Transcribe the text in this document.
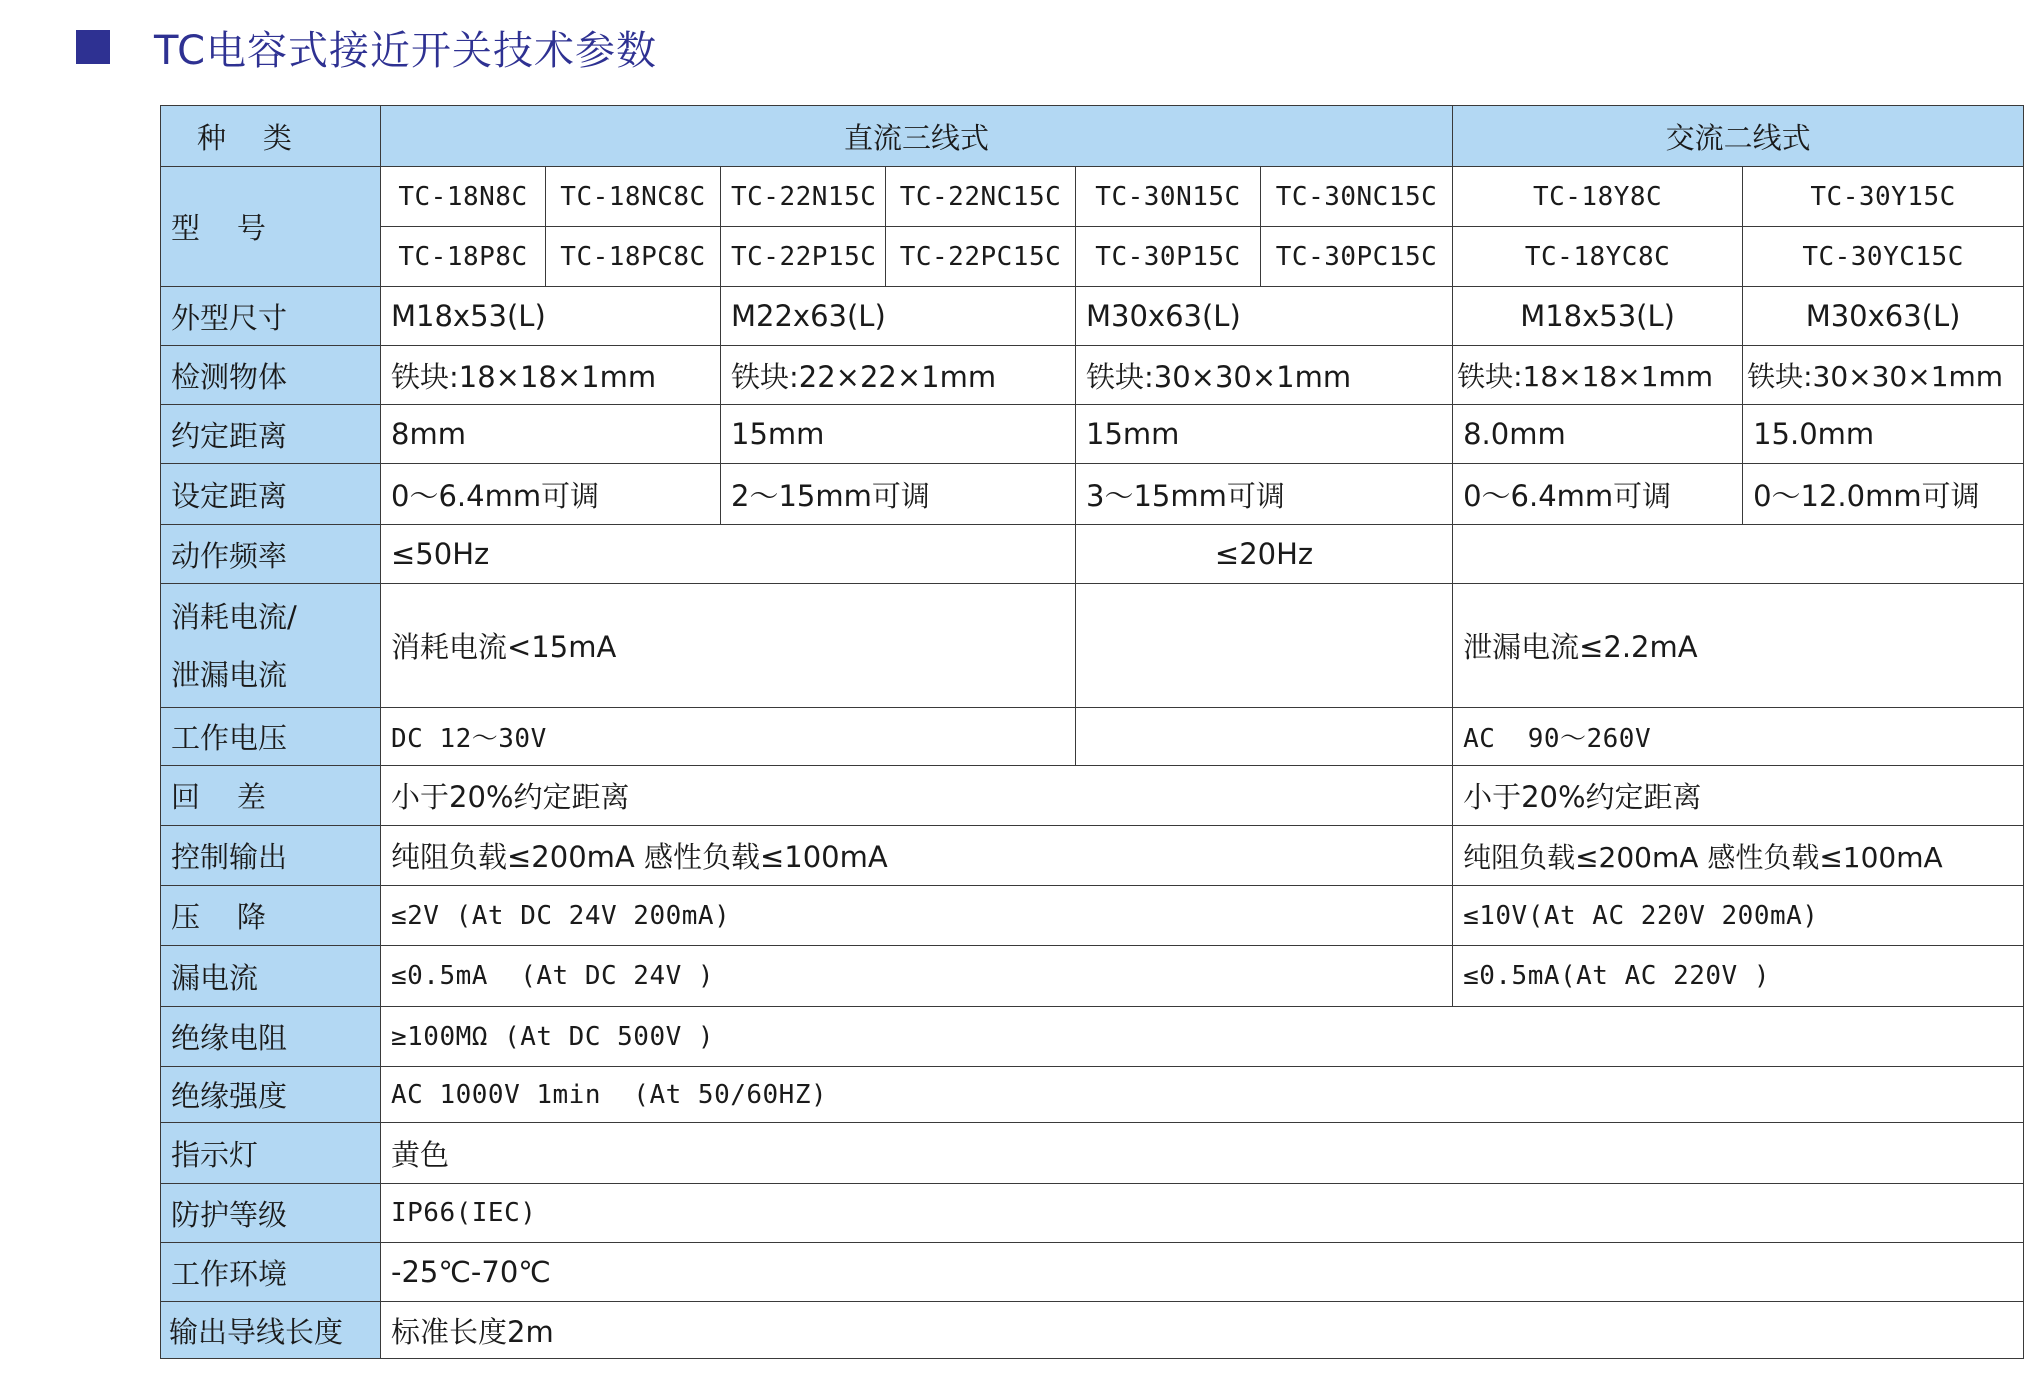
TC电容式接近开关技术参数
种    类	直流三线式						交流二线式	
型    号	TC-18N8C	TC-18NC8C	TC-22N15C	TC-22NC15C	TC-30N15C	TC-30NC15C	TC-18Y8C	TC-30Y15C
	TC-18P8C	TC-18PC8C	TC-22P15C	TC-22PC15C	TC-30P15C	TC-30PC15C	TC-18YC8C	TC-30YC15C
外型尺寸	M18x53(L)		M22x63(L)		M30x63(L)		M18x53(L)	M30x63(L)
检测物体	铁块:18×18×1mm		铁块:22×22×1mm		铁块:30×30×1mm		铁块:18×18×1mm	铁块:30×30×1mm
约定距离	8mm		15mm		15mm		8.0mm	15.0mm
设定距离	0～6.4mm可调		2～15mm可调		3～15mm可调		0～6.4mm可调	0～12.0mm可调
动作频率	≤50Hz				≤20Hz			

消耗电流/
泄漏电流	消耗电流<15mA						泄漏电流≤2.2mA	
工作电压	DC 12～30V						AC  90～260V	
回    差	小于20%约定距离						小于20%约定距离	
控制输出	纯阻负载≤200mA 感性负载≤100mA						纯阻负载≤200mA 感性负载≤100mA	
压    降	≤2V (At DC 24V 200mA)						≤10V(At AC 220V 200mA)	
漏电流	≤0.5mA  (At DC 24V )						≤0.5mA(At AC 220V )	
绝缘电阻	≥100MΩ (At DC 500V )							
绝缘强度	AC 1000V 1min  (At 50/60HZ)							
指示灯	黄色							
防护等级	IP66(IEC)							
工作环境	-25℃-70℃							
输出导线长度	标准长度2m							
